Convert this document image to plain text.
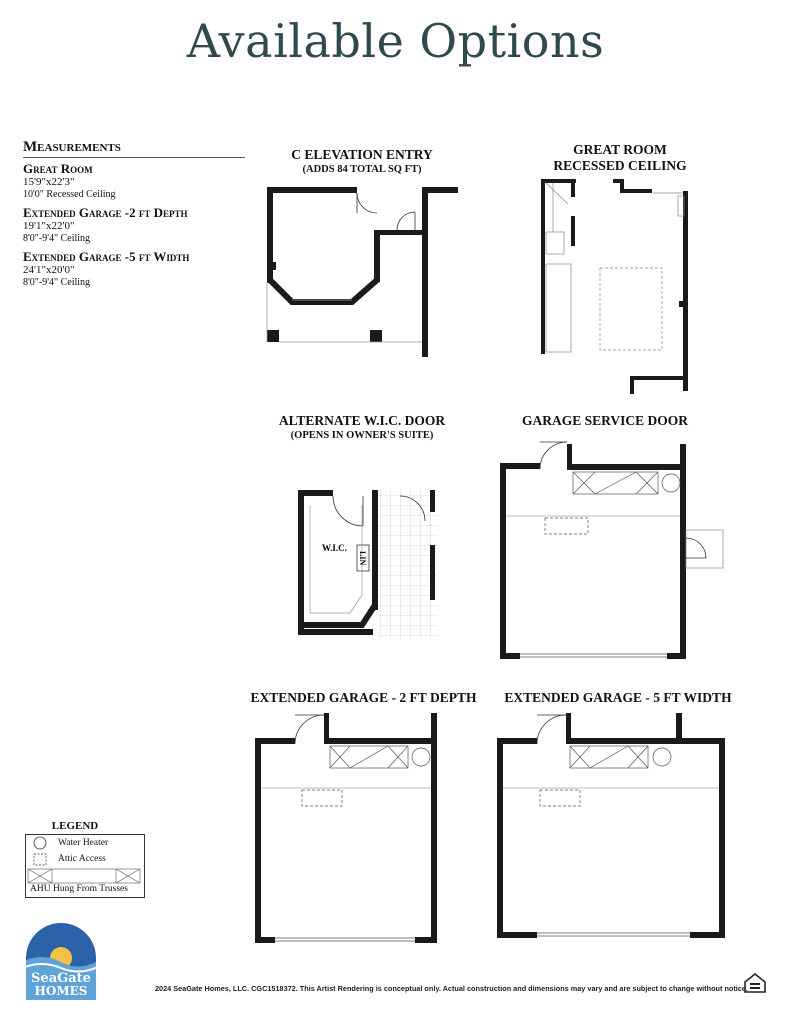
Available Options
Measurements
Great Room
15'9"x22'3"
10'0" Recessed Ceiling
Extended Garage -2 ft Depth
19'1"x22'0"
8'0"-9'4" Ceiling
Extended Garage -5 ft Width
24'1"x20'0"
8'0"-9'4" Ceiling
C ELEVATION ENTRY
(ADDS 84 TOTAL SQ FT)
GREAT ROOM
RECESSED CEILING
ALTERNATE W.I.C. DOOR
(OPENS IN OWNER'S SUITE)
W.I.C.
LIN
GARAGE SERVICE DOOR
EXTENDED GARAGE - 2 FT DEPTH	EXTENDED GARAGE - 5 FT WIDTH
LEGEND
Water Heater
Attic Access
AHU Hung From Trusses
SeaGate
HOMES	2024 SeaGate Homes, LLC. CGC1518372. This Artist Rendering is conceptual only. Actual construction and dimensions may vary and are subject to change without notice.
